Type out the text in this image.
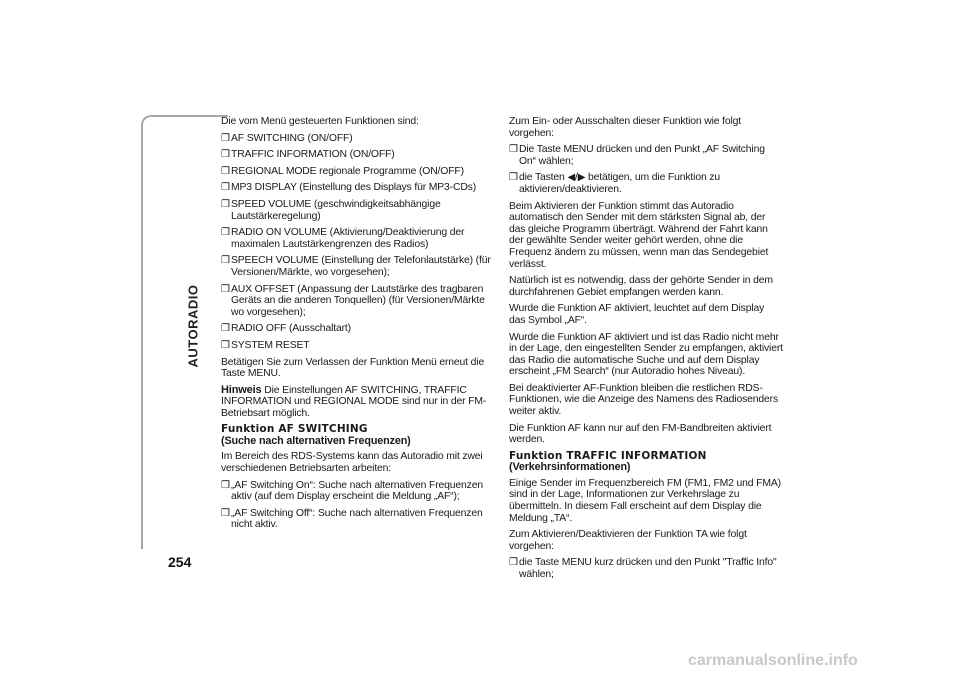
AUTORADIO
254

Die vom Menü gesteuerten Funktionen sind:

❒ AF SWITCHING (ON/OFF)
❒ TRAFFIC INFORMATION (ON/OFF)
❒ REGIONAL MODE regionale Programme (ON/OFF)
❒ MP3 DISPLAY (Einstellung des Displays für MP3-CDs)
❒ SPEED VOLUME (geschwindigkeitsabhängige Lautstärkeregelung)
❒ RADIO ON VOLUME (Aktivierung/Deaktivierung der maximalen Lautstärkengrenzen des Radios)
❒ SPEECH VOLUME (Einstellung der Telefonlautstärke) (für Versionen/Märkte, wo vorgesehen);
❒ AUX OFFSET (Anpassung der Lautstärke des tragbaren Geräts an die anderen Tonquellen) (für Versionen/Märkte wo vorgesehen);
❒ RADIO OFF (Ausschaltart)
❒ SYSTEM RESET

Betätigen Sie zum Verlassen der Funktion Menü erneut die Taste MENU.

Hinweis Die Einstellungen AF SWITCHING, TRAFFIC INFORMATION und REGIONAL MODE sind nur in der FM-Betriebsart möglich.

Funktion AF SWITCHING
(Suche nach alternativen Frequenzen)

Im Bereich des RDS-Systems kann das Autoradio mit zwei verschiedenen Betriebsarten arbeiten:

❒ „AF Switching On“: Suche nach alternativen Frequenzen aktiv (auf dem Display erscheint die Meldung „AF“);
❒ „AF Switching Off“: Suche nach alternativen Frequenzen nicht aktiv.

Zum Ein- oder Ausschalten dieser Funktion wie folgt vorgehen:

❒ Die Taste MENU drücken und den Punkt „AF Switching On“ wählen;
❒ die Tasten ◀/▶ betätigen, um die Funktion zu aktivieren/deaktivieren.

Beim Aktivieren der Funktion stimmt das Autoradio automatisch den Sender mit dem stärksten Signal ab, der das gleiche Programm überträgt. Während der Fahrt kann der gewählte Sender weiter gehört werden, ohne die Frequenz ändern zu müssen, wenn man das Sendegebiet verlässt.

Natürlich ist es notwendig, dass der gehörte Sender in dem durchfahrenen Gebiet empfangen werden kann.

Wurde die Funktion AF aktiviert, leuchtet auf dem Display das Symbol „AF“.

Wurde die Funktion AF aktiviert und ist das Radio nicht mehr in der Lage, den eingestellten Sender zu empfangen, aktiviert das Radio die automatische Suche und auf dem Display erscheint „FM Search“ (nur Autoradio hohes Niveau).

Bei deaktivierter AF-Funktion bleiben die restlichen RDS-Funktionen, wie die Anzeige des Namens des Radiosenders weiter aktiv.

Die Funktion AF kann nur auf den FM-Bandbreiten aktiviert werden.

Funktion TRAFFIC INFORMATION
(Verkehrsinformationen)

Einige Sender im Frequenzbereich FM (FM1, FM2 und FMA) sind in der Lage, Informationen zur Verkehrslage zu übermitteln. In diesem Fall erscheint auf dem Display die Meldung „TA“.

Zum Aktivieren/Deaktivieren der Funktion TA wie folgt vorgehen:

❒ die Taste MENU kurz drücken und den Punkt "Traffic Info" wählen;
carmanualsonline.info
